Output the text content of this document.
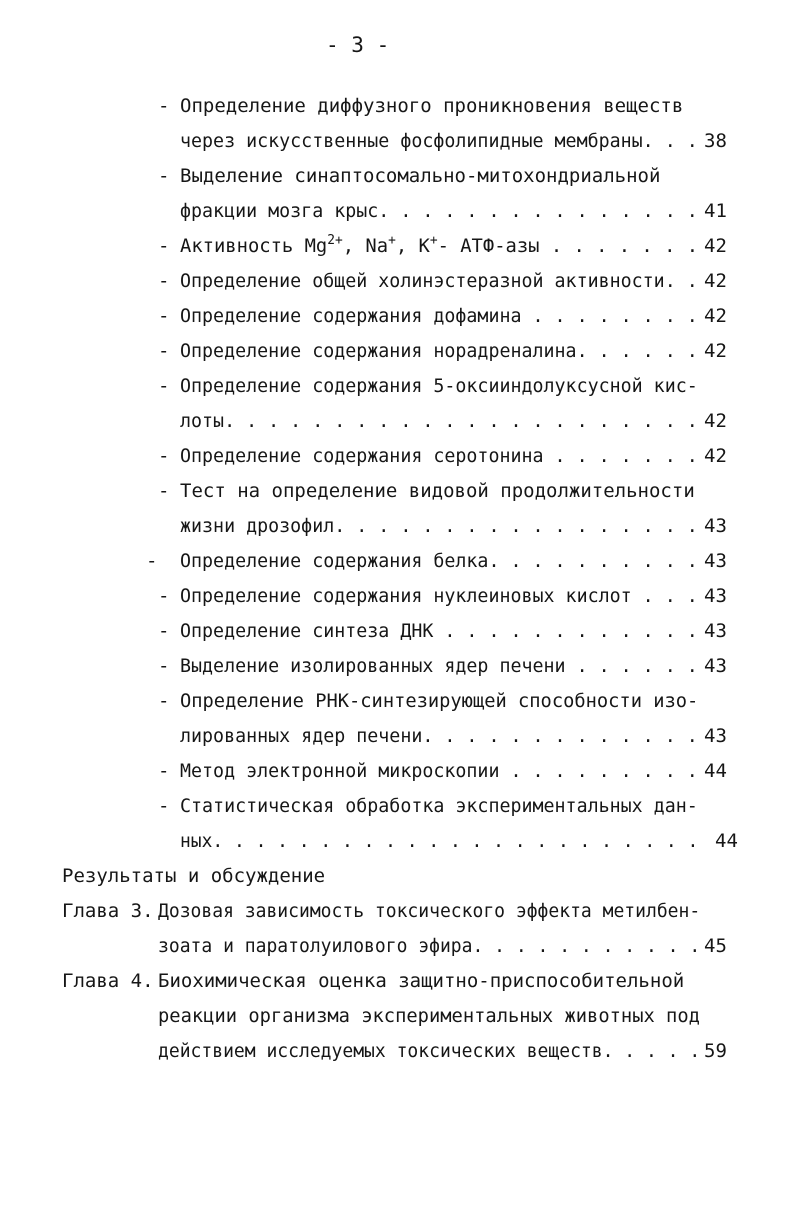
- 3 -
- Определение диффузного проникновения веществ
через искусственные фосфолипидные мембраны. . . 38
- Выделение синаптосомально-митохондриальной
фракции мозга крыс. . . . . . . . . . . . . . . 41
- Активность $Mg^{2+}$, Na+, K+- АТФ-азы . . . . . . . 42
- Определение общей холинэстеразной активности. . 42
- Определение содержания дофамина . . . . . . . . 42
- Определение содержания норадреналина. . . . . . 42
- Определение содержания 5-оксииндолуксусной кис-
лоты. . . . . . . . . . . . . . . . . . . . . . 42
- Определение содержания серотонина . . . . . . . 42
- Тест на определение видовой продолжительности
жизни дрозофил. . . . . . . . . . . . . . . . . 43
- Определение содержания белка. . . . . . . . . . 43
- Определение содержания нуклеиновых кислот . . . 43
- Определение синтеза ДНК . . . . . . . . . . . . 43
- Выделение изолированных ядер печени . . . . . . 43
- Определение РНК-синтезирующей способности изо-
лированных ядер печени. . . . . . . . . . . . . 43
- Метод электронной микроскопии . . . . . . . . . 44
- Статистическая обработка экспериментальных дан-
ных. . . . . . . . . . . . . . . . . . . . . . . 44
Результаты и обсуждение
Глава 3. Дозовая зависимость токсического эффекта метилбен-
зоата и паратолуилового эфира. . . . . . . . . . . 45
Глава 4. Биохимическая оценка защитно-приспособительной
реакции организма экспериментальных животных под
действием исследуемых токсических веществ. . . . . 59
